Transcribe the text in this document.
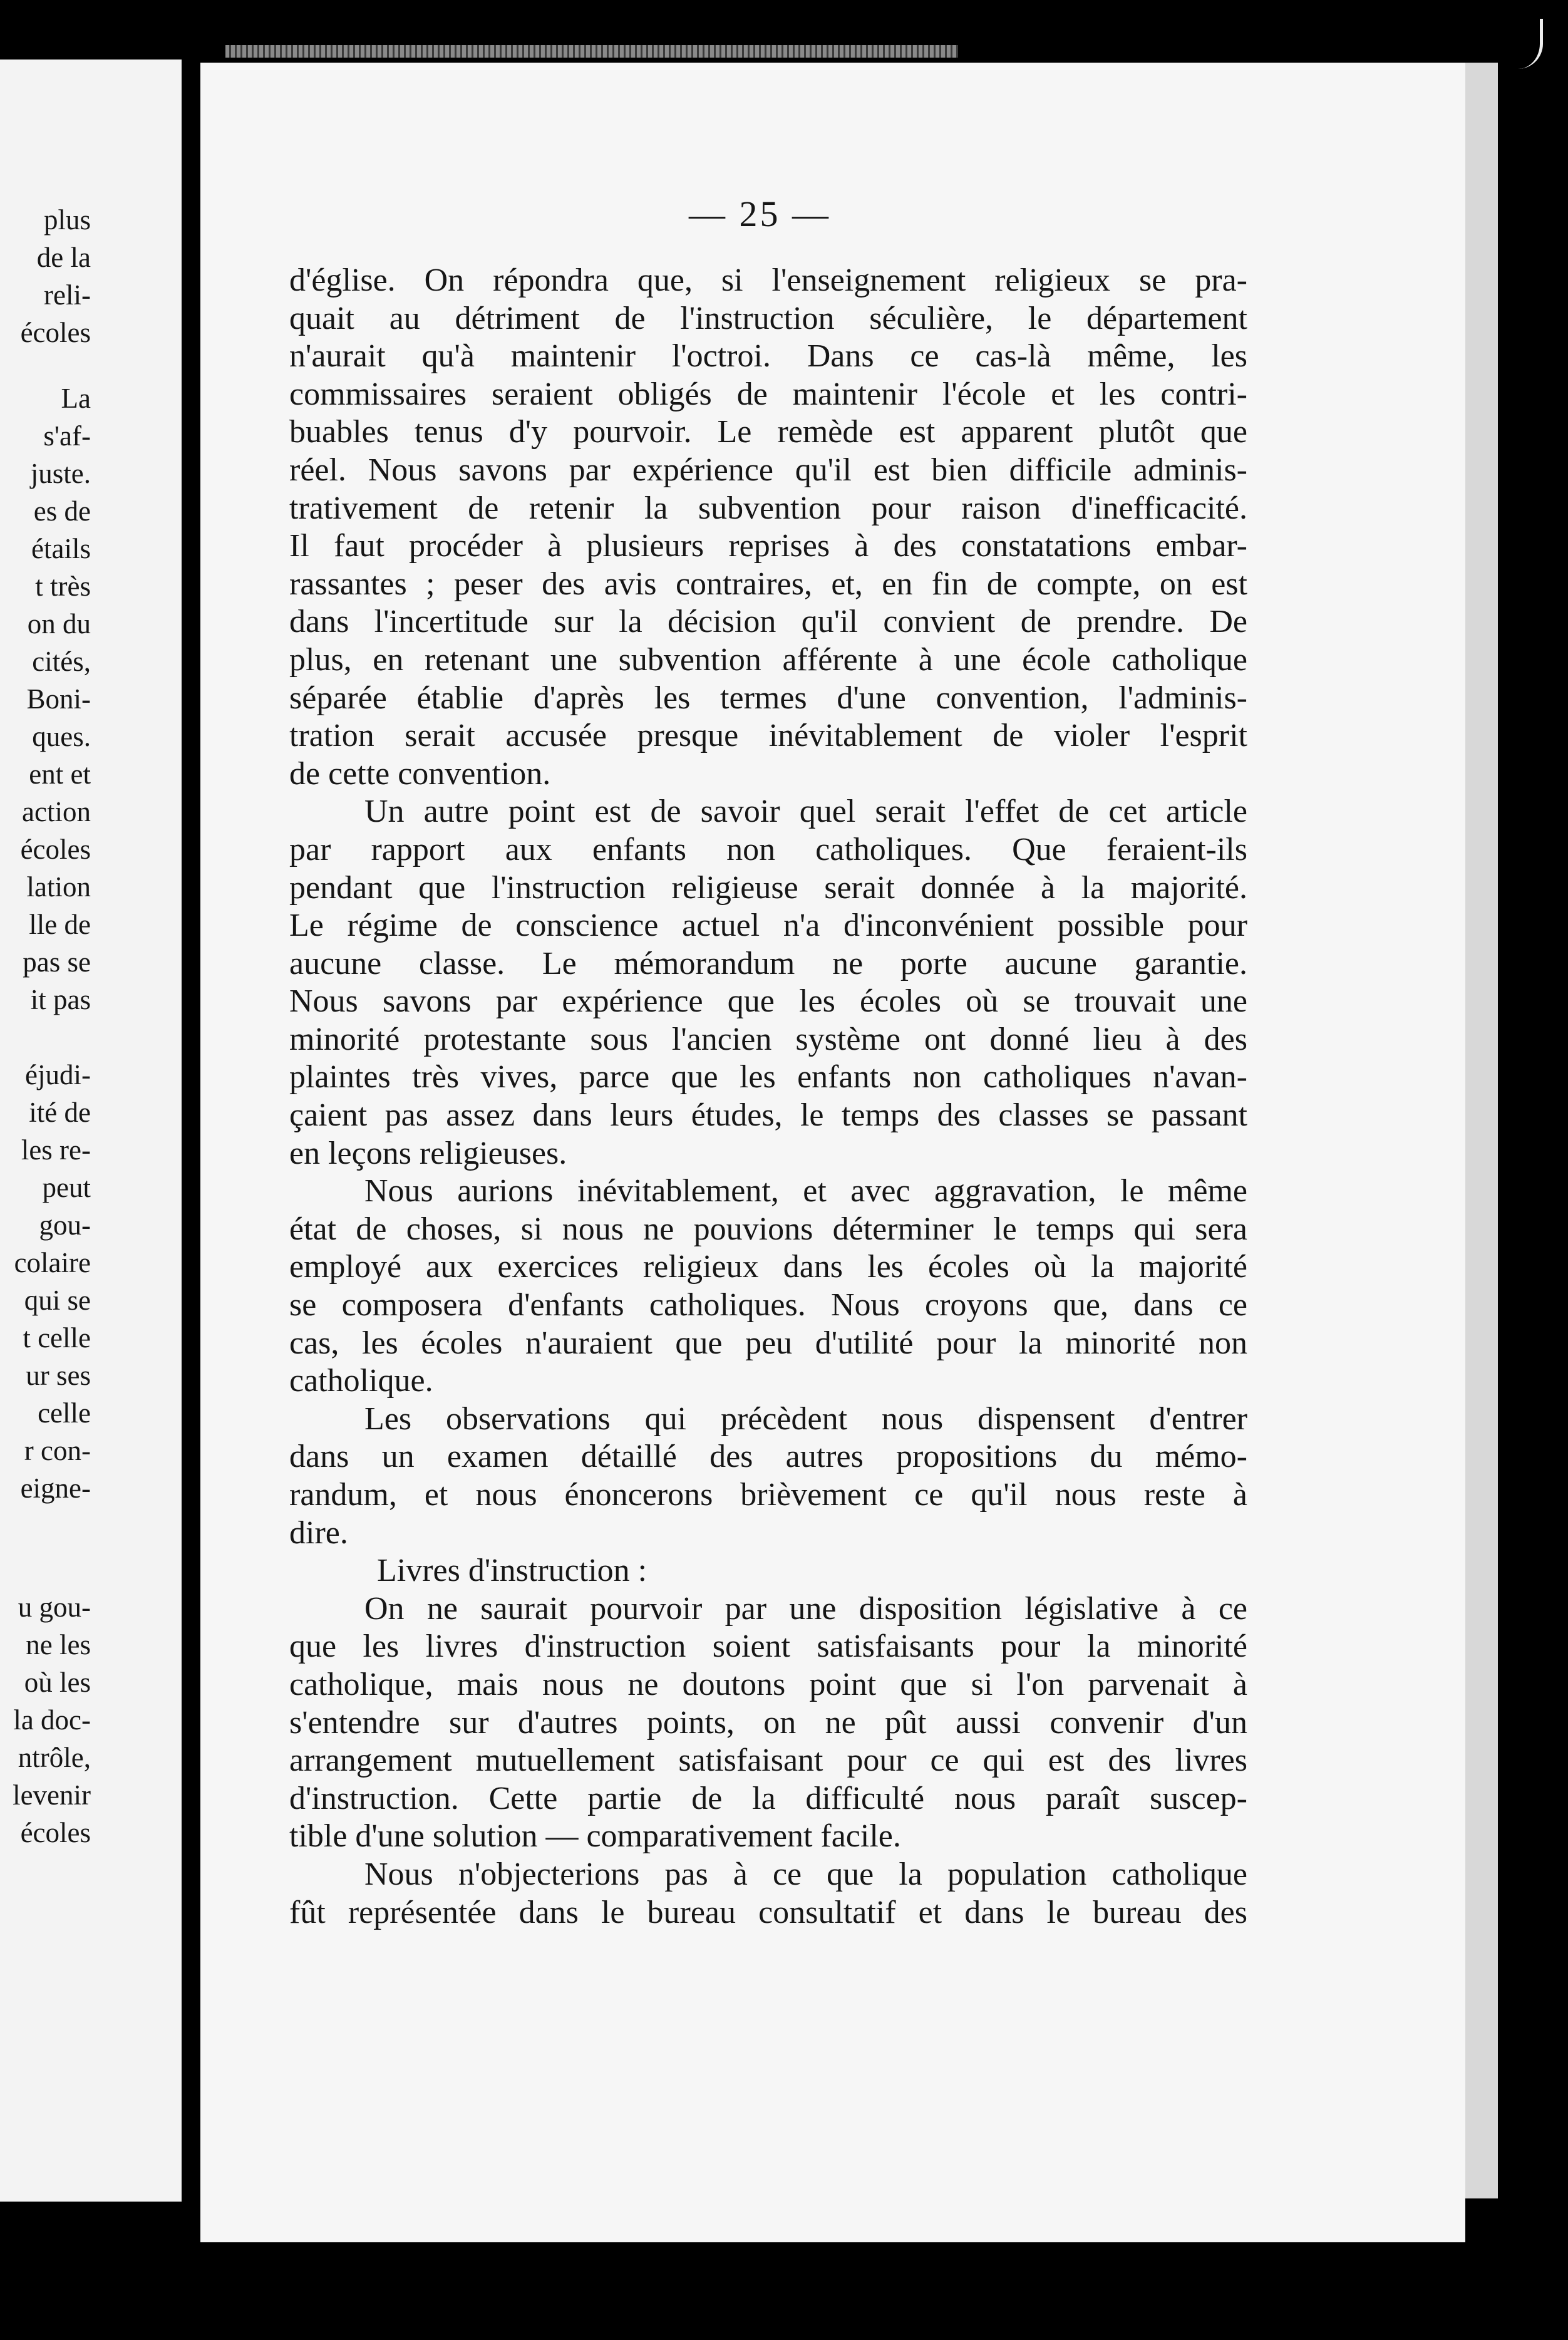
plus
de la
reli-
écoles
La
s'af-
juste.
es de
étails
t très
on du
cités,
Boni-
ques.
ent et
action
écoles
lation
lle de
pas se
it pas
éjudi-
ité de
les re-
peut
gou-
colaire
qui se
t celle
ur ses
celle
r con-
eigne-
u gou-
ne les
où les
la doc-
ntrôle,
levenir
écoles
— 25 —
d'église. On répondra que, si l'enseignement religieux se pra-
quait au détriment de l'instruction séculière, le département
n'aurait qu'à maintenir l'octroi. Dans ce cas-là même, les
commissaires seraient obligés de maintenir l'école et les contri-
buables tenus d'y pourvoir. Le remède est apparent plutôt que
réel. Nous savons par expérience qu'il est bien difficile adminis-
trativement de retenir la subvention pour raison d'inefficacité.
Il faut procéder à plusieurs reprises à des constatations embar-
rassantes ; peser des avis contraires, et, en fin de compte, on est
dans l'incertitude sur la décision qu'il convient de prendre. De
plus, en retenant une subvention afférente à une école catholique
séparée établie d'après les termes d'une convention, l'adminis-
tration serait accusée presque inévitablement de violer l'esprit
de cette convention.
Un autre point est de savoir quel serait l'effet de cet article
par rapport aux enfants non catholiques. Que feraient-ils
pendant que l'instruction religieuse serait donnée à la majorité.
Le régime de conscience actuel n'a d'inconvénient possible pour
aucune classe. Le mémorandum ne porte aucune garantie.
Nous savons par expérience que les écoles où se trouvait une
minorité protestante sous l'ancien système ont donné lieu à des
plaintes très vives, parce que les enfants non catholiques n'avan-
çaient pas assez dans leurs études, le temps des classes se passant
en leçons religieuses.
Nous aurions inévitablement, et avec aggravation, le même
état de choses, si nous ne pouvions déterminer le temps qui sera
employé aux exercices religieux dans les écoles où la majorité
se composera d'enfants catholiques. Nous croyons que, dans ce
cas, les écoles n'auraient que peu d'utilité pour la minorité non
catholique.
Les observations qui précèdent nous dispensent d'entrer
dans un examen détaillé des autres propositions du mémo-
randum, et nous énoncerons brièvement ce qu'il nous reste à
dire.
Livres d'instruction :
On ne saurait pourvoir par une disposition législative à ce
que les livres d'instruction soient satisfaisants pour la minorité
catholique, mais nous ne doutons point que si l'on parvenait à
s'entendre sur d'autres points, on ne pût aussi convenir d'un
arrangement mutuellement satisfaisant pour ce qui est des livres
d'instruction. Cette partie de la difficulté nous paraît suscep-
tible d'une solution — comparativement facile.
Nous n'objecterions pas à ce que la population catholique
fût représentée dans le bureau consultatif et dans le bureau des
